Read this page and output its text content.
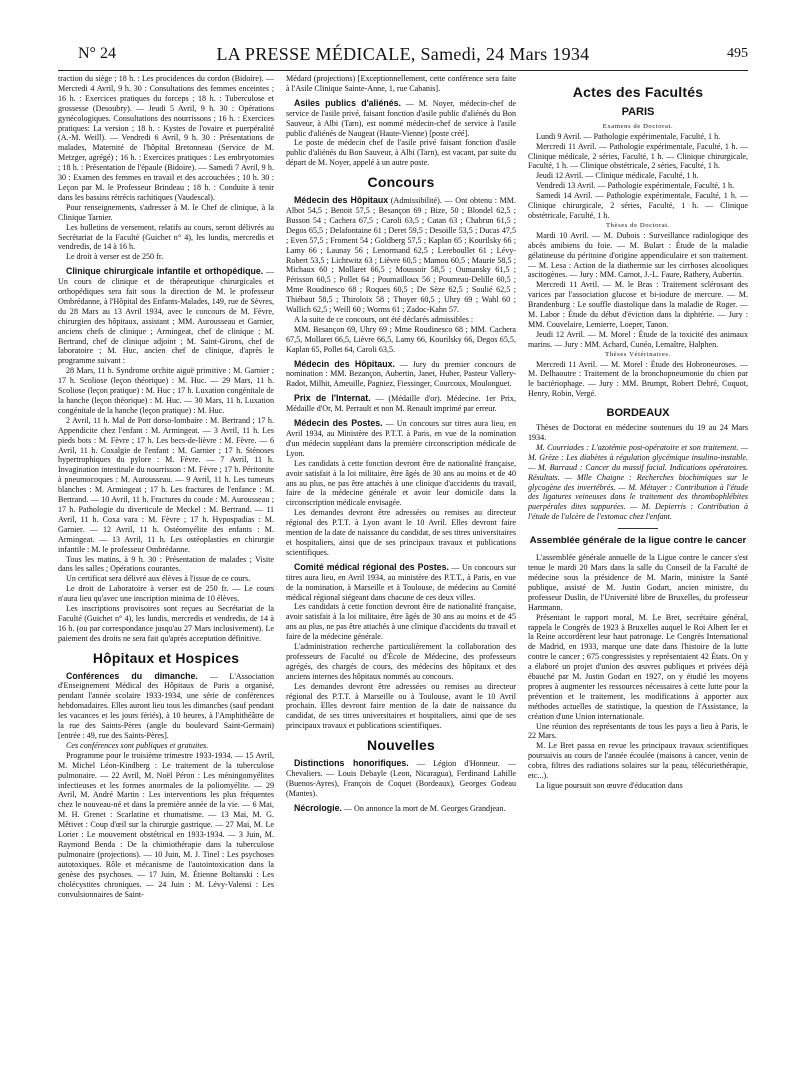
N° 24	LA PRESSE MÉDICALE, Samedi, 24 Mars 1934	495

traction du siège ; 18 h. : Les procidences du cordon (Bidoire). — Mercredi 4 Avril, 9 h. 30 : Consultations des femmes enceintes ; 16 h. : Exercices pratiques du forceps ; 18 h. : Tuberculose et grossesse (Desoubry). — Jeudi 5 Avril, 9 h. 30 : Opérations gynécologiques. Consultations des nourrissons ; 16 h. : Exercices pratiques: La version ; 18 h. : Kystes de l'ovaire et puerpéralité (A.-M. Weill). — Vendredi 6 Avril, 9 h. 30 : Présentations de malades, Maternité de l'hôpital Bretonneau (Service de M. Metzger, agrégé) ; 16 h. : Exercices pratiques : Les embryotomies ; 18 h. : Présentation de l'épaule (Bidoire). — Samedi 7 Avril, 9 h. 30 : Examen des femmes en travail et des accouchées ; 10 h. 30 : Leçon par M. le Professeur Brindeau ; 18 h. : Conduite à tenir dans les bassins rétrécis rachitiques (Vaudescal).

Pour renseignements, s'adresser à M. le Chef de clinique, à la Clinique Tarnier.

Les bulletins de versement, relatifs au cours, seront délivrés au Secrétariat de la Faculté (Guichet n° 4), les lundis, mercredis et vendredis, de 14 à 16 h.

Le droit à verser est de 250 fr.

Clinique chirurgicale infantile et orthopédique. — Un cours de clinique et de thérapeutique chirurgicales et orthopédiques sera fait sous la direction de M. le professeur Ombrédanne, à l'Hôpital des Enfants-Malades, 149, rue de Sèvres, du 28 Mars au 13 Avril 1934, avec le concours de M. Fèvre, chirurgien des hôpitaux, assistant ; MM. Aurousseau et Garnier, anciens chefs de clinique ; Armingeat, chef de clinique ; M. Bertrand, chef de clinique adjoint ; M. Saint-Girons, chef de laboratoire ; M. Huc, ancien chef de clinique, d'après le programme suivant :

28 Mars, 11 h. Syndrome orchite aiguë primitive : M. Garnier ; 17 h. Scoliose (leçon théorique) : M. Huc. — 29 Mars, 11 h. Scoliose (leçon pratique) : M. Huc ; 17 h. Luxation congénitale de la hanche (leçon théorique) : M. Huc. — 30 Mars, 11 h. Luxation congénitale de la hanche (leçon pratique) : M. Huc.

2 Avril, 11 h. Mal de Pott dorso-lombaire : M. Bertrand ; 17 h. Appendicite chez l'enfant : M. Armingeat. — 3 Avril, 11 h. Les pieds bots : M. Fèvre ; 17 h. Les becs-de-lièvre : M. Fèvre. — 6 Avril, 11 h. Coxalgie de l'enfant : M. Garnier ; 17 h. Sténoses hypertrophiques du pylore : M. Fèvre. — 7 Avril, 11 h. Invagination intestinale du nourrisson : M. Fèvre ; 17 h. Péritonite à pneumocoques : M. Aurousseau. — 9 Avril, 11 h. Les tumeurs blanches : M. Armingeat ; 17 h. Les fractures de l'enfance : M. Bertrand. — 10 Avril, 11 h. Fractures du coude : M. Aurousseau ; 17 h. Pathologie du diverticule de Meckel : M. Bertrand. — 11 Avril, 11 h. Coxa vara : M. Fèvre ; 17 h. Hypospadias : M. Garnier. — 12 Avril, 11 h. Ostéomyélite des enfants : M. Armingeat. — 13 Avril, 11 h. Les ostéoplasties en chirurgie infantile : M. le professeur Ombrédanne.

Tous les matins, à 9 h. 30 : Présentation de malades ; Visite dans les salles ; Opérations courantes.

Un certificat sera délivré aux élèves à l'issue de ce cours.

Le droit de Laboratoire à verser est de 250 fr. — Le cours n'aura lieu qu'avec une inscription minima de 10 élèves.

Les inscriptions provisoires sont reçues au Secrétariat de la Faculté (Guichet n° 4), les lundis, mercredis et vendredis, de 14 à 16 h. (ou par correspondance jusqu'au 27 Mars inclusivement). Le paiement des droits ne sera fait qu'après acceptation définitive.

Hôpitaux et Hospices

Conférences du dimanche. — L'Association d'Enseignement Médical des Hôpitaux de Paris a organisé, pendant l'année scolaire 1933-1934, une série de conférences hebdomadaires. Elles auront lieu tous les dimanches (sauf pendant les vacances et les jours fériés), à 10 heures, à l'Amphithéâtre de la rue des Saints-Pères (angle du boulevard Saint-Germain) [entrée : 49, rue des Saints-Pères].

Ces conférences sont publiques et gratuites.

Programme pour le troisième trimestre 1933-1934. — 15 Avril, M. Michel Léon-Kindberg : Le traitement de la tuberculose pulmonaire. — 22 Avril, M. Noël Péron : Les méningomyélites infectieuses et les formes anormales de la poliomyélite. — 29 Avril, M. André Martin : Les interventions les plus fréquentes chez le nouveau-né et dans la première année de la vie. — 6 Mai, M. H. Grenet : Scarlatine et rhumatisme. — 13 Mai, M. G. Mêtivet : Coup d'œil sur la chirurgie gastrique. — 27 Mai, M. Le Lorier : Le mouvement obstétrical en 1933-1934. — 3 Juin, M. Raymond Benda : De la chimiothérapie dans la tuberculose pulmonaire (projections). — 10 Juin, M. J. Tinel : Les psychoses autotoxiques. Rôle et mécanisme de l'autointoxication dans la genèse des psychoses. — 17 Juin, M. Étienne Boltanski : Les cholécystites chroniques. — 24 Juin : M. Lévy-Valensi : Les convulsionnaires de Saint-

Médard (projections) [Exceptionnellement, cette conférence sera faite à l'Asile Clinique Sainte-Anne, 1, rue Cabanis].

Asiles publics d'aliénés. — M. Noyer, médecin-chef de service de l'asile privé, faisant fonction d'asile public d'aliénés du Bon Sauveur, à Albi (Tarn), est nommé médecin-chef de service à l'asile public d'aliénés de Naugeat (Haute-Vienne) [poste créé].

Le poste de médecin chef de l'asile privé faisant fonction d'asile public d'aliénés du Bon Sauveur, à Albi (Tarn), est vacant, par suite du départ de M. Noyer, appelé à un autre poste.

Concours

Médecin des Hôpitaux (Admissibilité). — Ont obtenu : MM. Albot 54,5 ; Benoit 57,5 ; Besançon 69 ; Bize, 50 ; Blondel 62,5 ; Busson 54 ; Cachera 67,5 ; Caroli 63,5 ; Catan 63 ; Chabrun 61,5 ; Degos 65,5 ; Delafontaine 61 ; Deret 59,5 ; Desoille 53,5 ; Ducas 47,5 ; Even 57,5 ; Froment 54 ; Goldberg 57,5 ; Kaplan 65 ; Kourilsky 66 ; Lamy 66 ; Launay 56 ; Lenormand 62,5 ; Lereboullet 61 ; Lévy-Robert 53,5 ; Lichtwitz 63 ; Lièvre 60,5 ; Mamou 60,5 ; Maurie 58,5 ; Michaux 60 ; Mollaret 66,5 ; Moussoir 58,5 ; Oumansky 61,5 ; Périsson 60,5 ; Pollet 64 ; Poumailloux 56 ; Poumeau-Delille 60,5 ; Mme Roudinesco 68 ; Roques 60,5 ; De Sèze 62,5 ; Soulié 62,5 ; Thiébaut 58,5 ; Thiroloix 58 ; Thoyer 60,5 ; Uhry 69 ; Wahl 60 ; Wallich 62,5 ; Weill 60 ; Worms 61 ; Zadoc-Kahn 57.

A la suite de ce concours, ont été déclarés admissibles :

MM. Besançon 69, Uhry 69 ; Mme Roudinesco 68 ; MM. Cachera 67,5, Mollaret 66,5, Lièvre 66,5, Lamy 66, Kourilsky 66, Degos 65,5, Kaplan 65, Pollet 64, Caroli 63,5.

Médecin des Hôpitaux. — Jury du premier concours de nomination : MM. Bezançon, Aubertin, Janet, Huber, Pasteur Vallery-Radot, Milhit, Ameuille, Pagniez, Fiessinger, Courcoux, Moulonguet.

Prix de l'Internat. — (Médaille d'or). Médecine. 1er Prix, Médaille d'Or, M. Perrault et non M. Renault imprimé par erreur.

Médecin des Postes. — Un concours sur titres aura lieu, en Avril 1934, au Ministère des P.T.T. à Paris, en vue de la nomination d'un médecin suppléant dans la première circonscription médicale de Lyon.

Les candidats à cette fonction devront être de nationalité française, avoir satisfait à la loi militaire, être âgés de 30 ans au moins et de 40 ans au plus, ne pas être attachés à une clinique d'accidents du travail, faire de la médecine générale et avoir leur domicile dans la circonscription médicale envisagée.

Les demandes devront être adressées ou remises au directeur régional des P.T.T. à Lyon avant le 10 Avril. Elles devront faire mention de la date de naissance du candidat, de ses titres universitaires et hospitaliers, ainsi que de ses principaux travaux et publications scientifiques.

Comité médical régional des Postes. — Un concours sur titres aura lieu, en Avril 1934, au ministère des P.T.T., à Paris, en vue de la nomination, à Marseille et à Toulouse, de médecins au Comité médical régional siégeant dans chacune de ces deux villes.

Les candidats à cette fonction devront être de nationalité française, avoir satisfait à la loi militaire, être âgés de 30 ans au moins et de 45 ans au plus, ne pas être attachés à une clinique d'accidents du travail et faire de la médecine générale.

L'administration recherche particulièrement la collaboration des professeurs de Faculté ou d'École de Médecine, des professeurs agrégés, des chargés de cours, des médecins des hôpitaux et des anciens internes des hôpitaux nommés au concours.

Les demandes devront être adressées ou remises au directeur régional des P.T.T. à Marseille ou à Toulouse, avant le 10 Avril prochain. Elles devront faire mention de la date de naissance du candidat, de ses titres universitaires et hospitaliers, ainsi que de ses principaux travaux et publications scientifiques.

Nouvelles

Distinctions honorifiques. — Légion d'Honneur. — Chevaliers. — Louis Debayle (Leon, Nicaragua), Ferdinand Lahille (Buenos-Ayres), François de Coquet (Bordeaux), Georges Godeau (Mantes).

Nécrologie. — On annonce la mort de M. Georges Grandjean.

Actes des Facultés
PARIS

Examens de Doctorat.

Lundi 9 Avril. — Pathologie expérimentale, Faculté, 1 h.

Mercredi 11 Avril. — Pathologie expérimentale, Faculté, 1 h. — Clinique médicale, 2 séries, Faculté, 1 h. — Clinique chirurgicale, Faculté, 1 h. — Clinique obstétricale, 2 séries, Faculté, 1 h.

Jeudi 12 Avril. — Clinique médicale, Faculté, 1 h.

Vendredi 13 Avril. — Pathologie expérimentale, Faculté, 1 h.

Samedi 14 Avril. — Pathologie expérimentale, Faculté, 1 h. — Clinique chirurgicale, 2 séries, Faculté, 1 h. — Clinique obstétricale, Faculté, 1 h.

Thèses de Doctorat.

Mardi 10 Avril. — M. Dubois : Surveillance radiologique des abcès amibiens du foie. — M. Bulart : Étude de la maladie gélatineuse du péritoine d'origine appendiculaire et son traitement. — M. Lesa : Action de la diathermie sur les cirrhoses alcooliques ascitogènes. — Jury : MM. Carnot, J.-L. Faure, Rathery, Aubertin.

Mercredi 11 Avril. — M. le Bras : Traitement sclérosant des varices par l'association glucose et bi-iodure de mercure. — M. Brandenburg : Le souffle diastolique dans la maladie de Roger. — M. Labor : Étude du début d'éviction dans la diphtérie. — Jury : MM. Couvelaire, Lemierre, Loeper, Tanon.

Jeudi 12 Avril. — M. Morel : Étude de la toxicité des animaux marins. — Jury : MM. Achard, Cunéo, Lemaître, Halphen.

Thèses Vétérinaires.

Mercredi 11 Avril. — M. Morel : Étude des Hobroneuroses. — M. Delhaoutre : Traitement de la bronchopneumonie du chien par le bactériophage. — Jury : MM. Brumpt, Robert Debré, Coquot, Henry, Robin, Vergé.

BORDEAUX

Thèses de Doctorat en médecine soutenues du 19 au 24 Mars 1934.

M. Courriades : L'azotémie post-opératoire et son traitement. — M. Grèze : Les diabètes à régulation glycémique insulino-instable. — M. Barraud : Cancer du massif facial. Indications opératoires. Résultats. — Mlle Chaigne : Recherches biochimiques sur le glycogène des invertébrés. — M. Métayer : Contribution à l'étude des ligatures veineuses dans le traitement des thrombophlébites puerpérales dites suppurées. — M. Depierris : Contribution à l'étude de l'ulcère de l'estomac chez l'enfant.

Assemblée générale de la ligue contre le cancer

L'assemblée générale annuelle de la Ligue contre le cancer s'est tenue le mardi 20 Mars dans la salle du Conseil de la Faculté de médecine sous la présidence de M. Marin, ministre la Santé publique, assisté de M. Justin Godart, ancien ministre, du professeur Duslin, de l'Université libre de Bruxelles, du professeur Hartmann.

Présentant le rapport moral, M. Le Bret, secrétaire général, rappela le Congrès de 1923 à Bruxelles auquel le Roi Albert Ier et la Reine accordèrent leur haut patronage. Le Congrès International de Madrid, en 1933, marque une date dans l'histoire de la lutte contre le cancer ; 675 congressistes y représentaient 42 États. On y a élaboré un projet d'union des œuvres publiques et privées déjà ébauché par M. Justin Godart en 1927, on y étudié les moyens propres à augmenter les ressources nécessaires à cette lutte pour la prévention et le traitement, les modifications à apporter aux méthodes actuelles de statistique, la question de l'Assistance, la création d'une Union internationale.

Une réunion des représentants de tous les pays a lieu à Paris, le 22 Mars.

M. Le Bret passa en revue les principaux travaux scientifiques poursuivis au cours de l'année écoulée (maisons à cancer, venin de cobra, filtres des radiations solaires sur la peau, télécuriethérapie, etc...).

La ligue poursuit son œuvre d'éducation dans
